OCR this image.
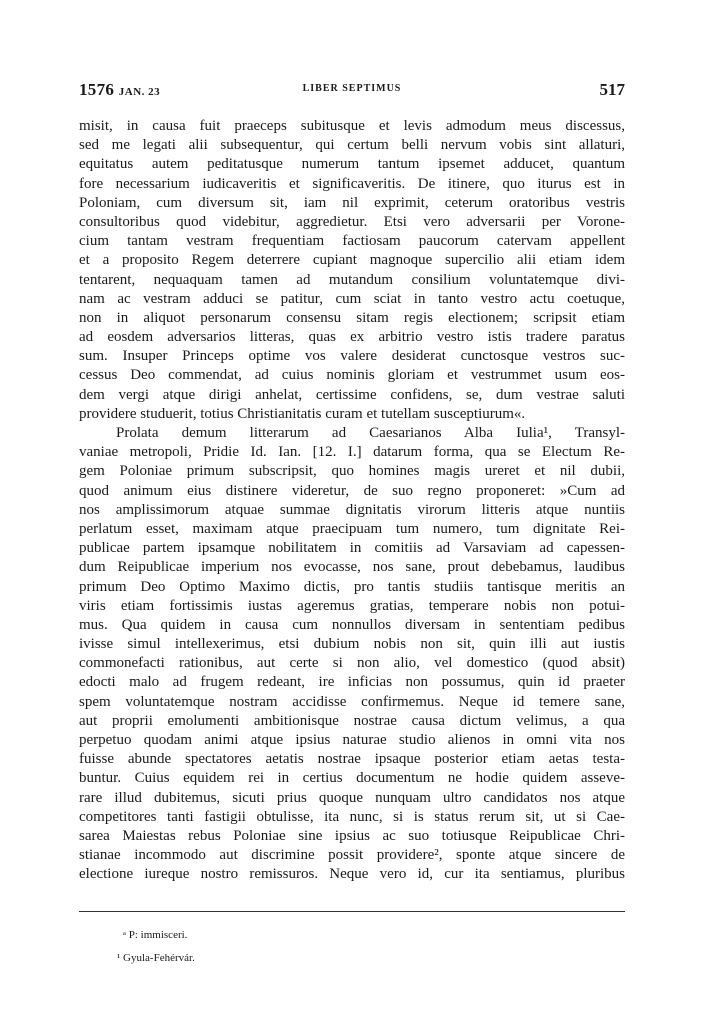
1576 JAN. 23	LIBER SEPTIMUS	517
misit, in causa fuit praeceps subitusque et levis admodum meus discessus,
sed me legati alii subsequentur, qui certum belli nervum vobis sint allaturi,
equitatus autem peditatusque numerum tantum ipsemet adducet, quantum
fore necessarium iudicaveritis et significaveritis. De itinere, quo iturus est in
Poloniam, cum diversum sit, iam nil exprimit, ceterum oratoribus vestris
consultoribus quod videbitur, aggredietur. Etsi vero adversarii per Vorone-
cium tantam vestram frequentiam factiosam paucorum catervam appellent
et a proposito Regem deterrere cupiant magnoque supercilio alii etiam idem
tentarent, nequaquam tamen ad mutandum consilium voluntatemque divi-
nam ac vestram adduci se patitur, cum sciat in tanto vestro actu coetuque,
non in aliquot personarum consensu sitam regis electionem; scripsit etiam
ad eosdem adversarios litteras, quas ex arbitrio vestro istis tradere paratus
sum. Insuper Princeps optime vos valere desiderat cunctosque vestros suc-
cessus Deo commendat, ad cuius nominis gloriam et vestrummet usum eos-
dem vergi atque dirigi anhelat, certissime confidens, se, dum vestrae saluti
providere studuerit, totius Christianitatis curam et tutellam susceptiurum«.
Prolata demum litterarum ad Caesarianos Alba Iulia¹, Transyl-
vaniae metropoli, Pridie Id. Ian. [12. I.] datarum forma, qua se Electum Re-
gem Poloniae primum subscripsit, quo homines magis ureret et nil dubii,
quod animum eius distinere videretur, de suo regno proponeret: »Cum ad
nos amplissimorum atquae summae dignitatis virorum litteris atque nuntiis
perlatum esset, maximam atque praecipuam tum numero, tum dignitate Rei-
publicae partem ipsamque nobilitatem in comitiis ad Varsaviam ad capessen-
dum Reipublicae imperium nos evocasse, nos sane, prout debebamus, laudibus
primum Deo Optimo Maximo dictis, pro tantis studiis tantisque meritis an
viris etiam fortissimis iustas ageremus gratias, temperare nobis non potui-
mus. Qua quidem in causa cum nonnullos diversam in sententiam pedibus
ivisse simul intellexerimus, etsi dubium nobis non sit, quin illi aut iustis
commonefacti rationibus, aut certe si non alio, vel domestico (quod absit)
edocti malo ad frugem redeant, ire inficias non possumus, quin id praeter
spem voluntatemque nostram accidisse confirmemus. Neque id temere sane,
aut proprii emolumenti ambitionisque nostrae causa dictum velimus, a qua
perpetuo quodam animi atque ipsius naturae studio alienos in omni vita nos
fuisse abunde spectatores aetatis nostrae ipsaque posterior etiam aetas testa-
buntur. Cuius equidem rei in certius documentum ne hodie quidem asseve-
rare illud dubitemus, sicuti prius quoque nunquam ultro candidatos nos atque
competitores tanti fastigii obtulisse, ita nunc, si is status rerum sit, ut si Cae-
sarea Maiestas rebus Poloniae sine ipsius ac suo totiusque Reipublicae Chri-
stianae incommodo aut discrimine possit providere², sponte atque sincere de
electione iureque nostro remissuros. Neque vero id, cur ita sentiamus, pluribus
ᵃ P: immisceri.
¹ Gyula-Fehérvár.
